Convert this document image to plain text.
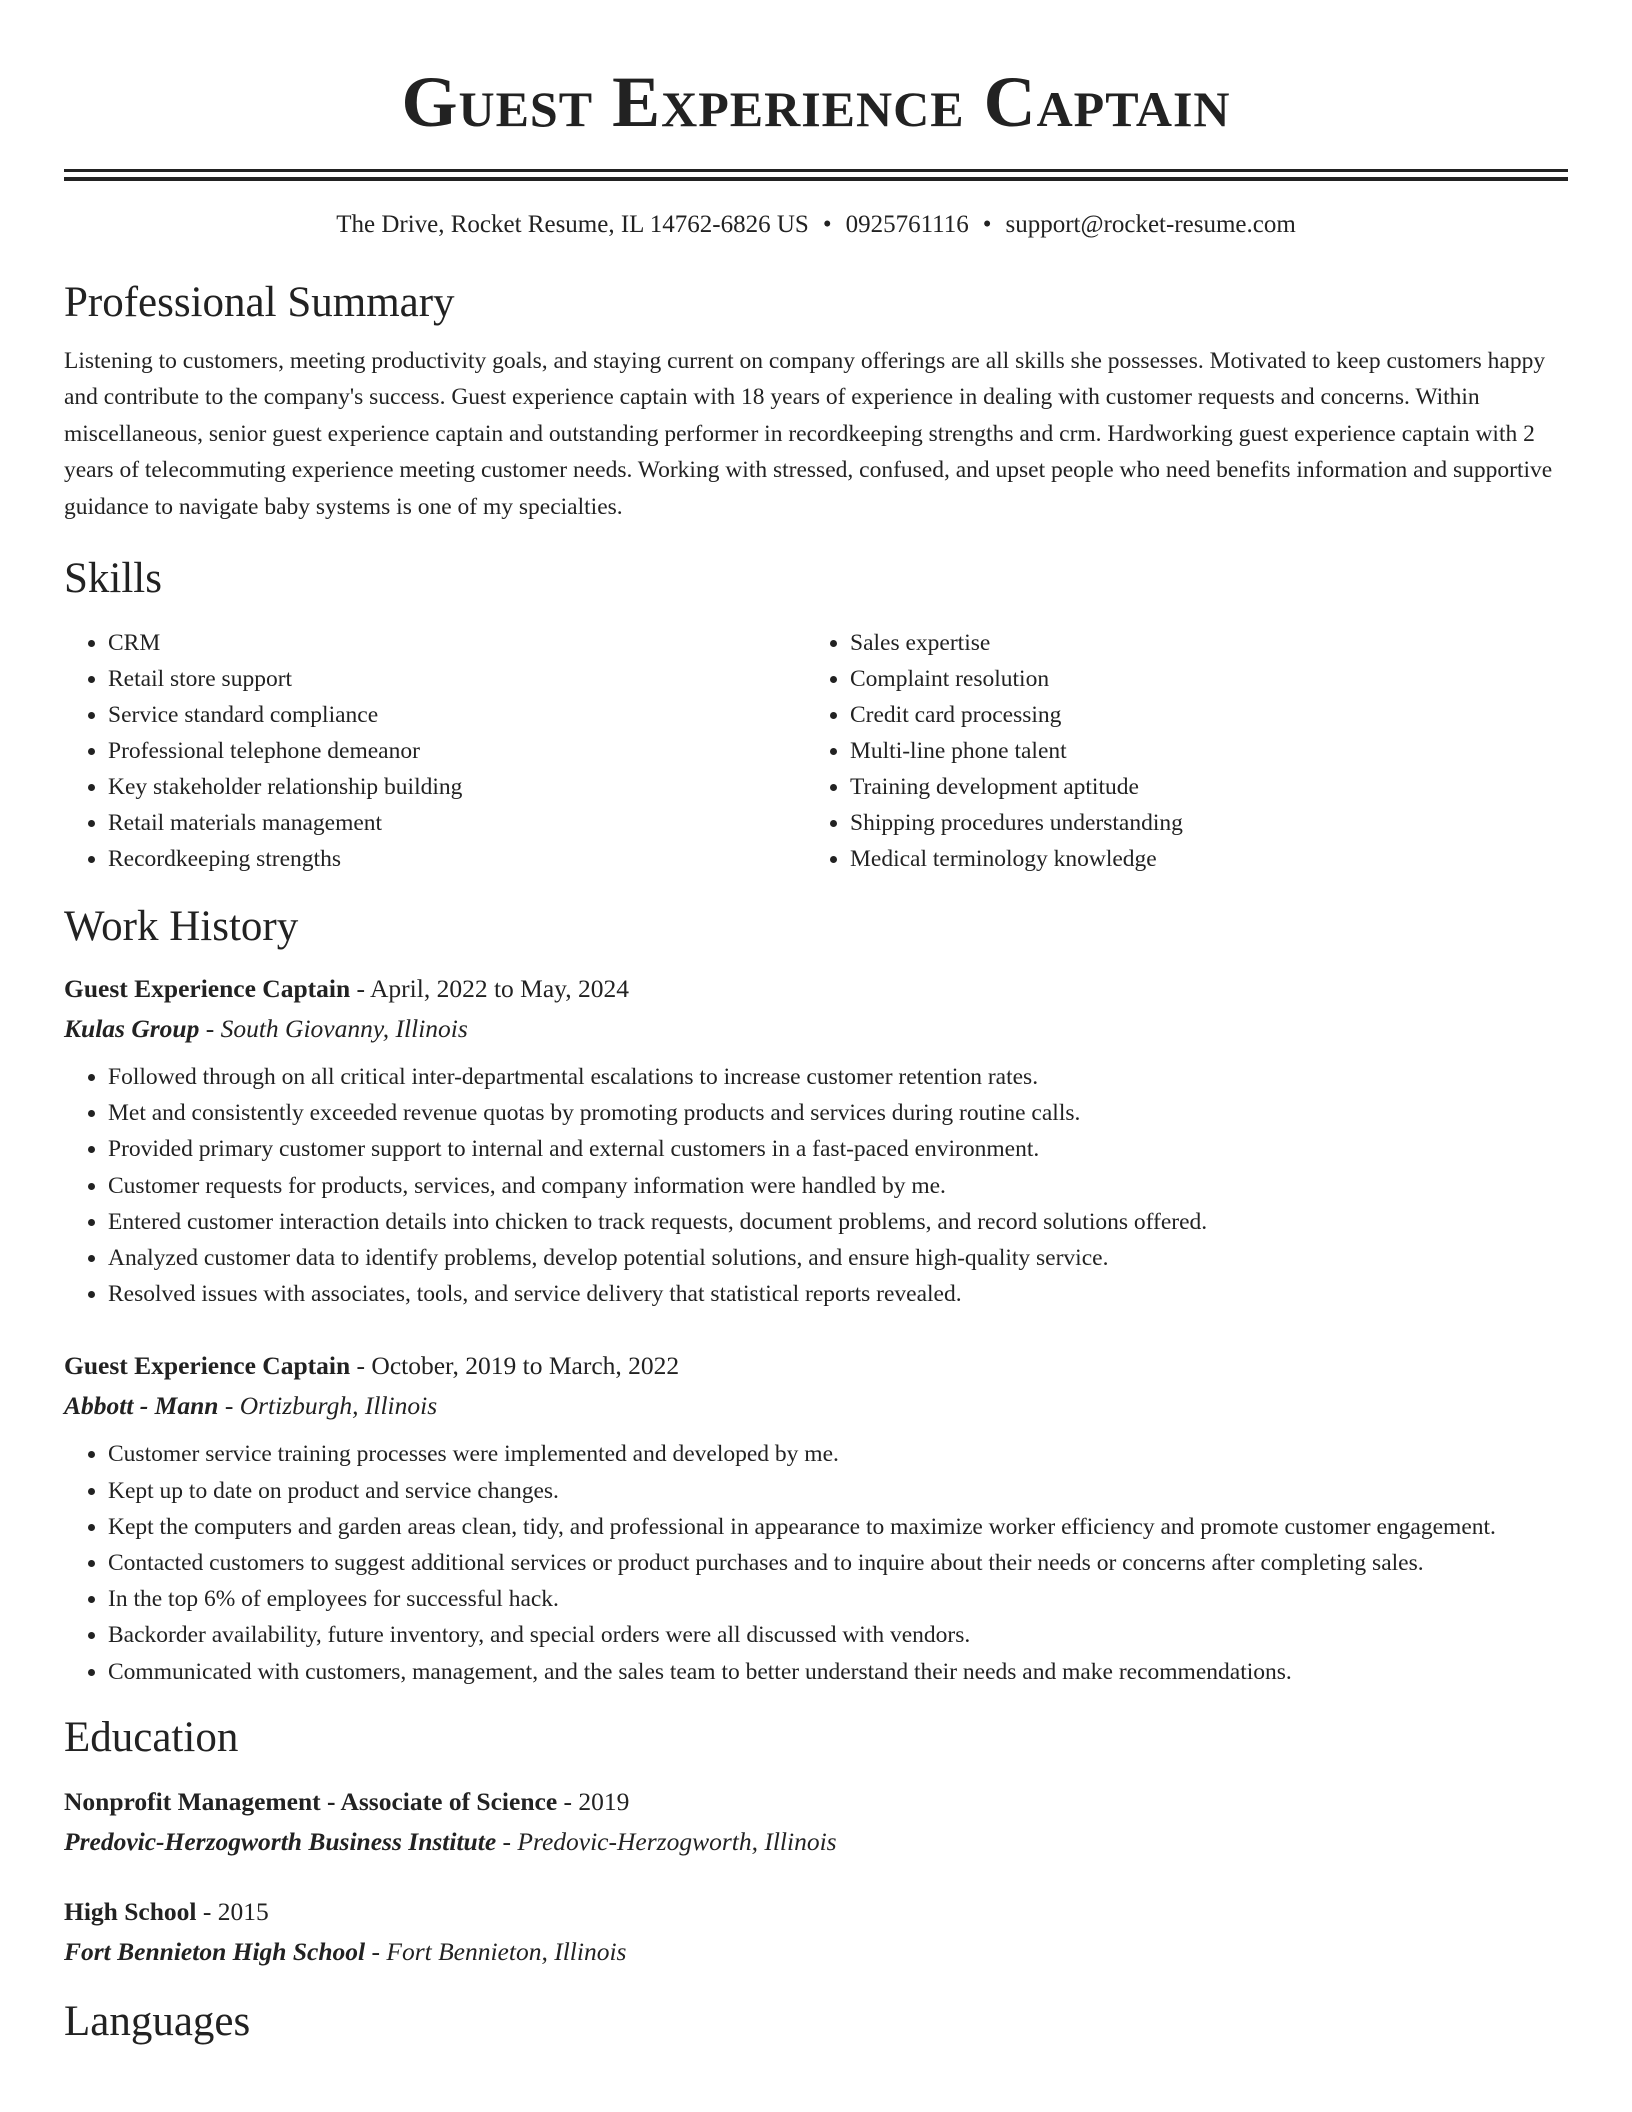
Guest Experience Captain
The Drive, Rocket Resume, IL 14762-6826 US • 0925761116 • support@rocket-resume.com
Professional Summary

Listening to customers, meeting productivity goals, and staying current on company offerings are all skills she possesses. Motivated to keep customers happy and contribute to the company's success. Guest experience captain with 18 years of experience in dealing with customer requests and concerns. Within miscellaneous, senior guest experience captain and outstanding performer in recordkeeping strengths and crm. Hardworking guest experience captain with 2 years of telecommuting experience meeting customer needs. Working with stressed, confused, and upset people who need benefits information and supportive guidance to navigate baby systems is one of my specialties.

Skills
• CRM
• Retail store support
• Service standard compliance
• Professional telephone demeanor
• Key stakeholder relationship building
• Retail materials management
• Recordkeeping strengths
• Sales expertise
• Complaint resolution
• Credit card processing
• Multi-line phone talent
• Training development aptitude
• Shipping procedures understanding
• Medical terminology knowledge
Work History
Guest Experience Captain - April, 2022 to May, 2024
Kulas Group - South Giovanny, Illinois
• Followed through on all critical inter-departmental escalations to increase customer retention rates.
• Met and consistently exceeded revenue quotas by promoting products and services during routine calls.
• Provided primary customer support to internal and external customers in a fast-paced environment.
• Customer requests for products, services, and company information were handled by me.
• Entered customer interaction details into chicken to track requests, document problems, and record solutions offered.
• Analyzed customer data to identify problems, develop potential solutions, and ensure high-quality service.
• Resolved issues with associates, tools, and service delivery that statistical reports revealed.
Guest Experience Captain - October, 2019 to March, 2022
Abbott - Mann - Ortizburgh, Illinois
• Customer service training processes were implemented and developed by me.
• Kept up to date on product and service changes.
• Kept the computers and garden areas clean, tidy, and professional in appearance to maximize worker efficiency and promote customer engagement.
• Contacted customers to suggest additional services or product purchases and to inquire about their needs or concerns after completing sales.
• In the top 6% of employees for successful hack.
• Backorder availability, future inventory, and special orders were all discussed with vendors.
• Communicated with customers, management, and the sales team to better understand their needs and make recommendations.
Education
Nonprofit Management - Associate of Science - 2019
Predovic-Herzogworth Business Institute - Predovic-Herzogworth, Illinois
High School - 2015
Fort Bennieton High School - Fort Bennieton, Illinois
Languages
